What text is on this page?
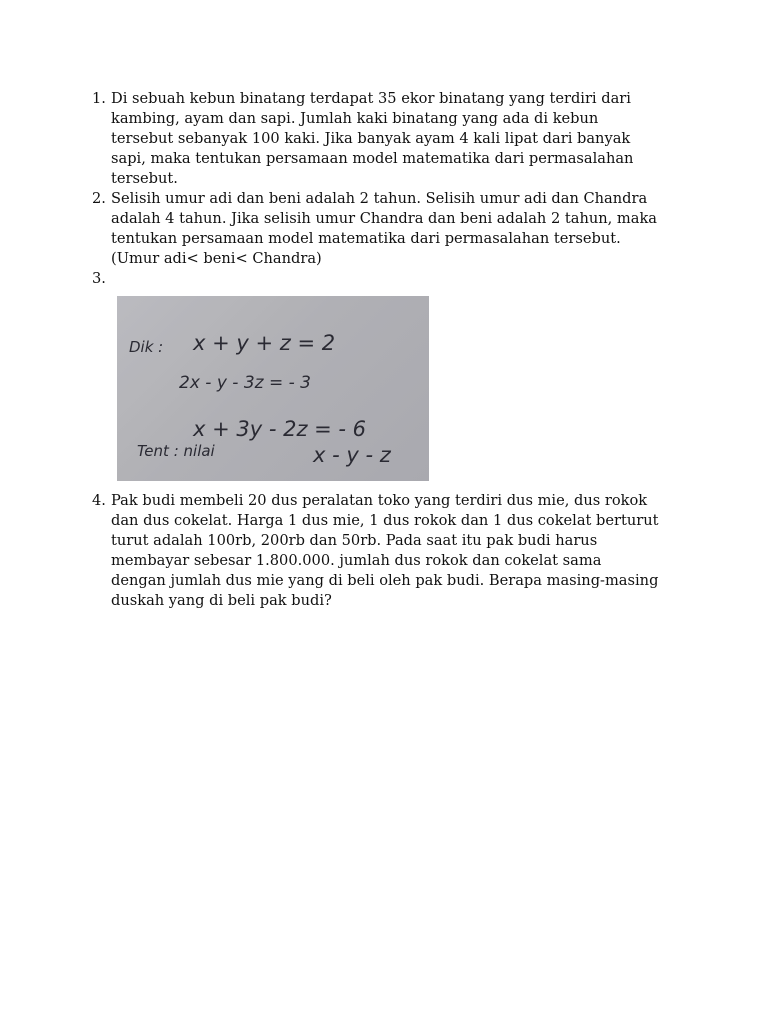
1. Di sebuah kebun binatang terdapat 35 ekor binatang yang terdiri dari
kambing, ayam dan sapi. Jumlah kaki binatang yang ada di kebun
tersebut sebanyak 100 kaki. Jika banyak ayam 4 kali lipat dari banyak
sapi, maka tentukan persamaan model matematika dari permasalahan
tersebut.
2. Selisih umur adi dan beni adalah 2 tahun. Selisih umur adi dan Chandra
adalah 4 tahun. Jika selisih umur Chandra dan beni adalah 2 tahun, maka
tentukan persamaan model matematika dari permasalahan tersebut.
(Umur adi< beni< Chandra)
3.

Dik : x + y + z = 2
2x - y - 3z = - 3
x + 3y - 2z = - 6
Tent : nilai	x - y - z
4. Pak budi membeli 20 dus peralatan toko yang terdiri dus mie, dus rokok
dan dus cokelat. Harga 1 dus mie, 1 dus rokok dan 1 dus cokelat berturut
turut adalah 100rb, 200rb dan 50rb. Pada saat itu pak budi harus
membayar sebesar 1.800.000. jumlah dus rokok dan cokelat sama
dengan jumlah dus mie yang di beli oleh pak budi. Berapa masing-masing
duskah yang di beli pak budi?
